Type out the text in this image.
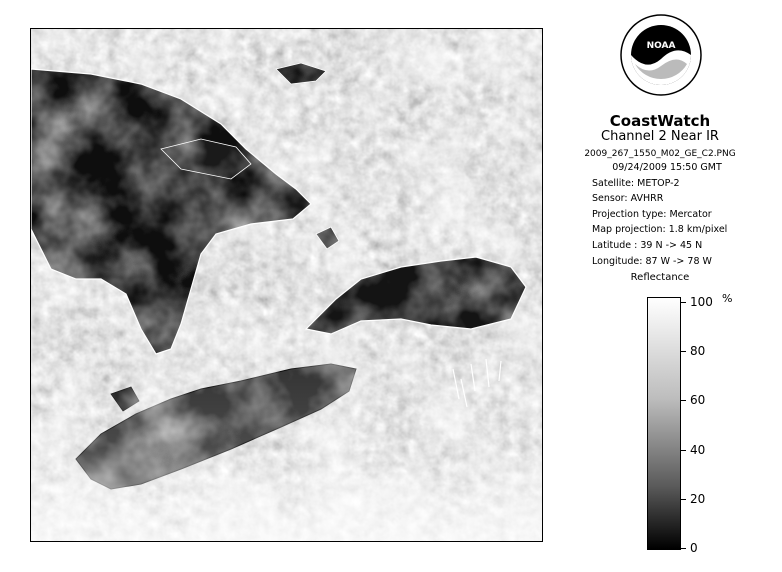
NOAA
CoastWatch
Channel 2 Near IR
2009_267_1550_M02_GE_C2.PNG
09/24/2009 15:50 GMT
Satellite: METOP-2
Sensor: AVHRR
Projection type: Mercator
Map projection: 1.8 km/pixel
Latitude : 39 N -> 45 N
Longitude: 87 W -> 78 W
Reflectance
%
100
80
60
40
20
0
